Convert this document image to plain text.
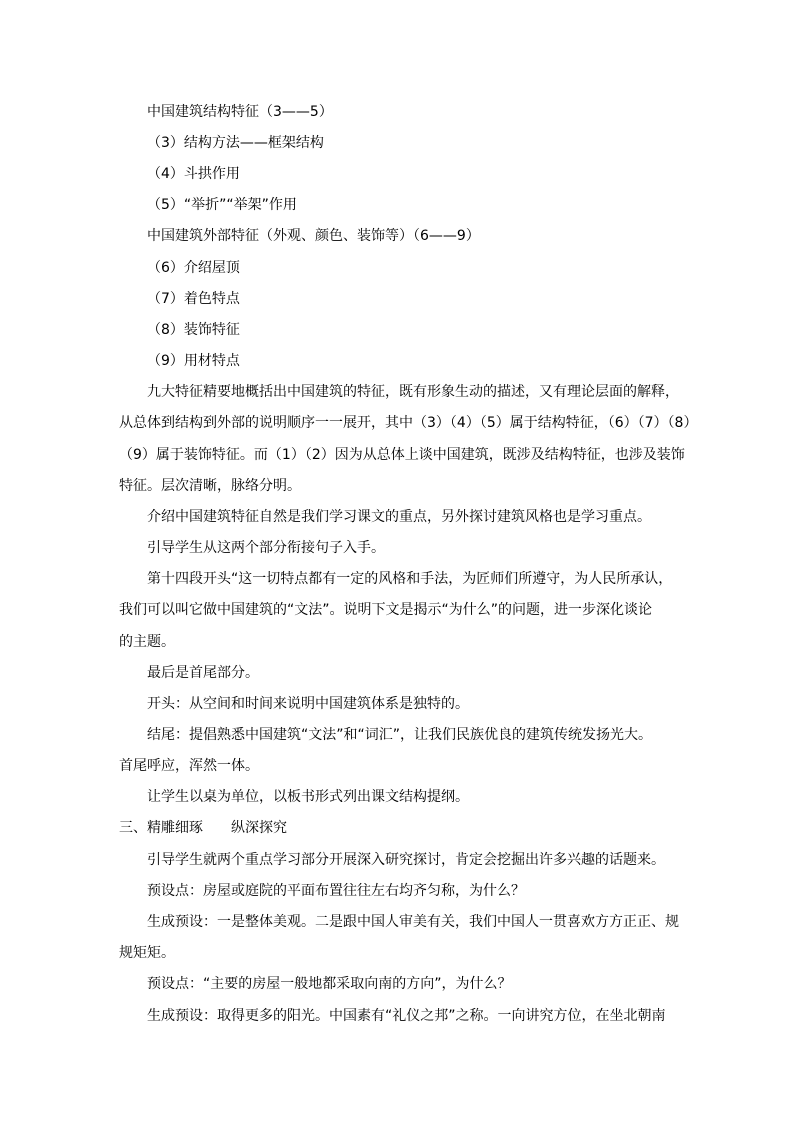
中国建筑结构特征（3——5）
（3）结构方法——框架结构
（4）斗拱作用
（5）“举折”“举架”作用
中国建筑外部特征（外观、颜色、装饰等）（6——9）
（6）介绍屋顶
（7）着色特点
（8）装饰特征
（9）用材特点
九大特征精要地概括出中国建筑的特征，既有形象生动的描述，又有理论层面的解释，
从总体到结构到外部的说明顺序一一展开，其中（3）（4）（5）属于结构特征，（6）（7）（8）
（9）属于装饰特征。而（1）（2）因为从总体上谈中国建筑，既涉及结构特征，也涉及装饰
特征。层次清晰，脉络分明。
介绍中国建筑特征自然是我们学习课文的重点，另外探讨建筑风格也是学习重点。
引导学生从这两个部分衔接句子入手。
第十四段开头“这一切特点都有一定的风格和手法，为匠师们所遵守，为人民所承认，
我们可以叫它做中国建筑的“文法”。说明下文是揭示“为什么”的问题，进一步深化谈论
的主题。
最后是首尾部分。
开头：从空间和时间来说明中国建筑体系是独特的。
结尾：提倡熟悉中国建筑“文法”和“词汇”，让我们民族优良的建筑传统发扬光大。
首尾呼应，浑然一体。
让学生以桌为单位，以板书形式列出课文结构提纲。
三、精雕细琢　　纵深探究
引导学生就两个重点学习部分开展深入研究探讨，肯定会挖掘出许多兴趣的话题来。
预设点：房屋或庭院的平面布置往往左右均齐匀称，为什么？
生成预设：一是整体美观。二是跟中国人审美有关，我们中国人一贯喜欢方方正正、规
规矩矩。
预设点：“主要的房屋一般地都采取向南的方向”，为什么？
生成预设：取得更多的阳光。中国素有“礼仪之邦”之称。一向讲究方位，在坐北朝南
